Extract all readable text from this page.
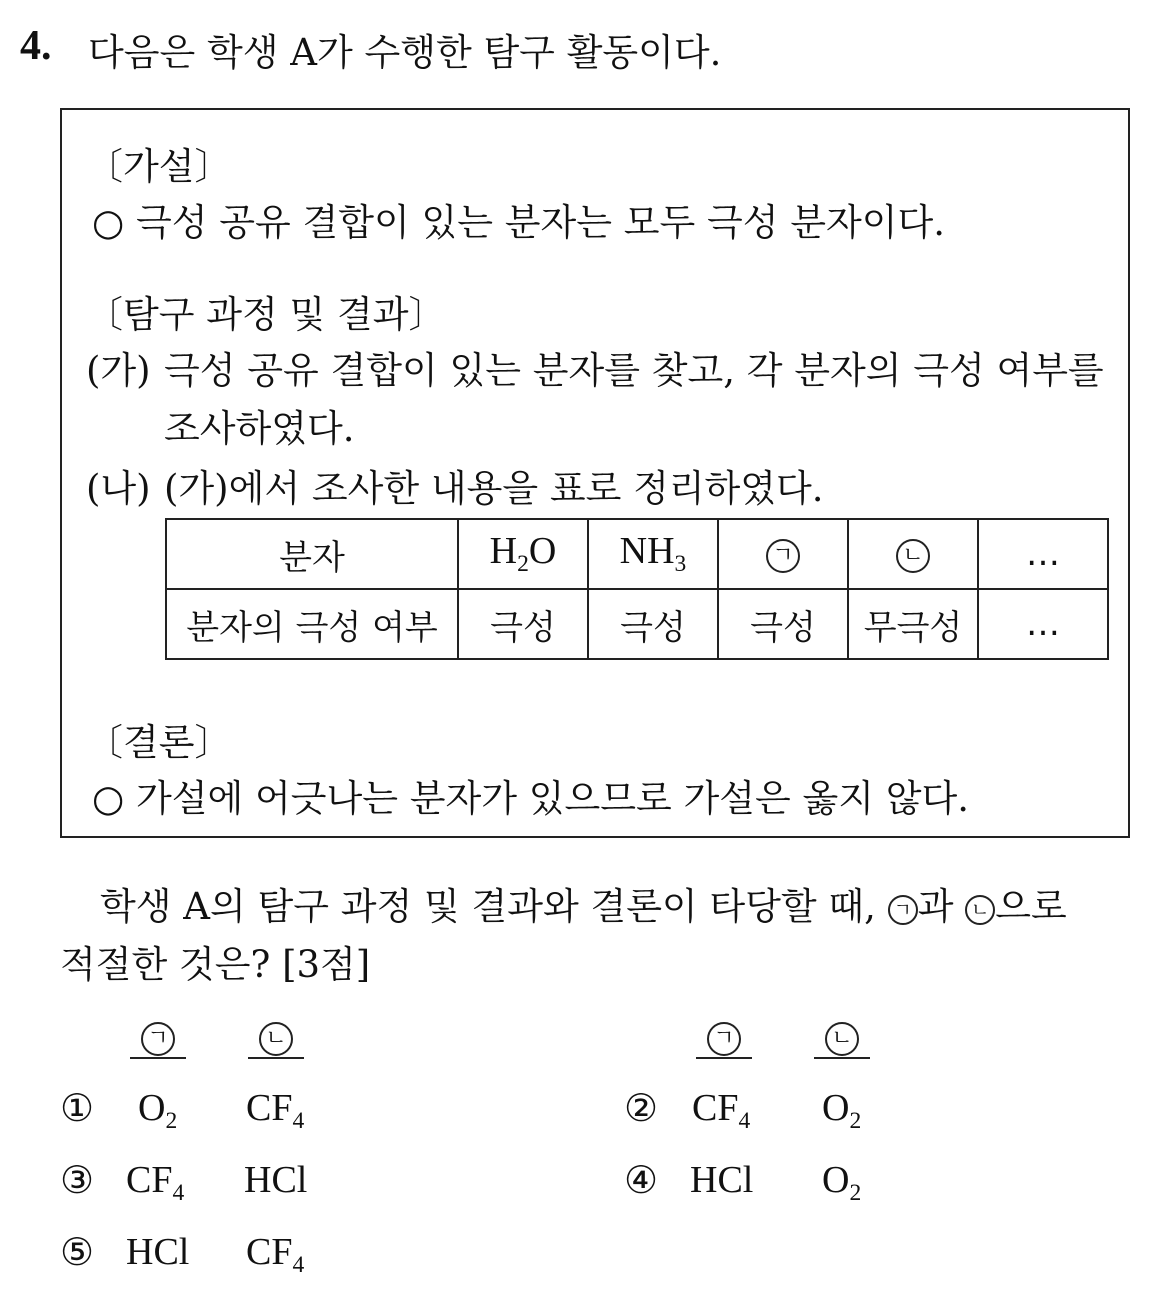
4. 다음은 학생 A가 수행한 탐구 활동이다.
〔가설〕
○ 극성 공유 결합이 있는 분자는 모두 극성 분자이다.
〔탐구 과정 및 결과〕
(가) 극성 공유 결합이 있는 분자를 찾고, 각 분자의 극성 여부를
조사하였다.
(나) (가)에서 조사한 내용을 표로 정리하였다.
분자	$H_2O$	$NH_3$	ㄱ	ㄴ	…
분자의 극성 여부	극성	극성	극성	무극성	…
〔결론〕
○ 가설에 어긋나는 분자가 있으므로 가설은 옳지 않다.
학생 A의 탐구 과정 및 결과와 결론이 타당할 때, ㄱ 과 ㄴ 으로
적절한 것은? [3점]
ㄱ	ㄴ	ㄱ	ㄴ
① $O_2$ $CF_4$	② $CF_4$ $O_2$
③ $CF_4$ HCl	④ HCl $O_2$
⑤ HCl $CF_4$
